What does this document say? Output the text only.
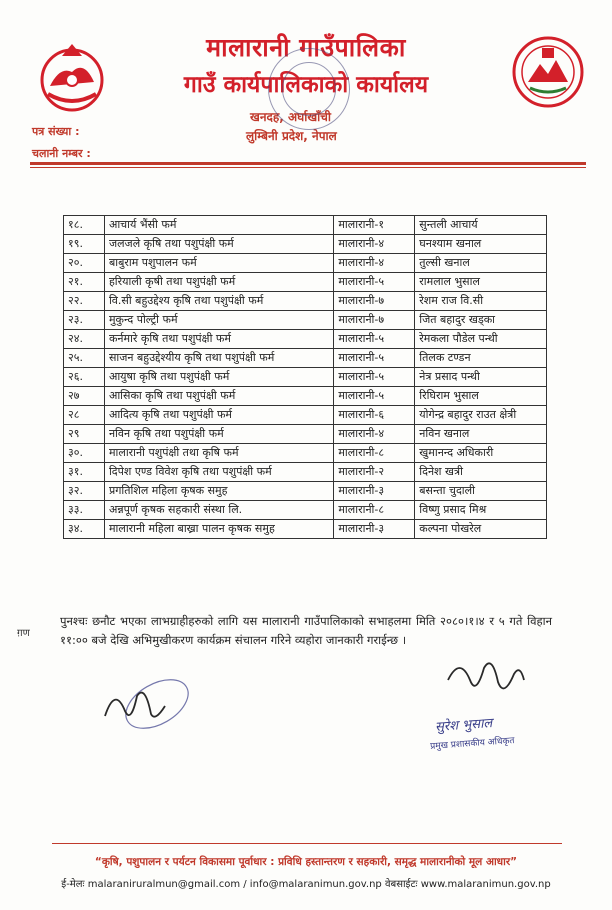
मालारानी गाउँपालिका
गाउँ कार्यपालिकाको कार्यालय
खनदह, अर्घाखाँची
लुम्बिनी प्रदेश, नेपाल
पत्र संख्या :
चलानी नम्बर :
१८.	आचार्य भैंसी फर्म	मालारानी-१	सुन्तली आचार्य
१९.	जलजले कृषि तथा पशुपंक्षी फर्म	मालारानी-४	घनश्याम खनाल
२०.	बाबुराम पशुपालन फर्म	मालारानी-४	तुल्सी खनाल
२१.	हरियाली कृषी तथा पशुपंक्षी फर्म	मालारानी-५	रामलाल भुसाल
२२.	वि.सी बहुउद्देश्य कृषि तथा पशुपंक्षी फर्म	मालारानी-७	रेशम राज वि.सी
२३.	मुकुन्द पोल्ट्री फर्म	मालारानी-७	जित बहादुर खड्का
२४.	कर्नमारे कृषि तथा पशुपंक्षी फर्म	मालारानी-५	रेमकला पौडेल पन्थी
२५.	साजन बहुउद्देश्यीय कृषि तथा पशुपंक्षी फर्म	मालारानी-५	तिलक टण्डन
२६.	आयुषा कृषि तथा पशुपंक्षी फर्म	मालारानी-५	नेत्र प्रसाद पन्थी
२७	आसिका कृषि तथा पशुपंक्षी फर्म	मालारानी-५	रिघिराम भुसाल
२८	आदित्य कृषि तथा पशुपंक्षी फर्म	मालारानी-६	योगेन्द्र बहादुर राउत क्षेत्री
२९	नविन कृषि तथा पशुपंक्षी फर्म	मालारानी-४	नविन खनाल
३०.	मालारानी पशुपंक्षी तथा कृषि फर्म	मालारानी-८	खुमानन्द अधिकारी
३१.	दिपेश एण्ड विवेश कृषि तथा पशुपंक्षी फर्म	मालारानी-२	दिनेश खत्री
३२.	प्रगतिशिल महिला कृषक समुह	मालारानी-३	बसन्ता चुदाली
३३.	अन्नपूर्ण कृषक सहकारी संस्था लि.	मालारानी-८	विष्णु प्रसाद मिश्र
३४.	मालारानी महिला बाख्रा पालन कृषक समुह	मालारानी-३	कल्पना पोखरेल
ग़ण
पुनश्चः छनौट भएका लाभग्राहीहरुको लागि यस मालारानी गाउँपालिकाको सभाहलमा मिति २०८०।१।४ र ५ गते विहान ११:०० बजे देखि अभिमुखीकरण कार्यक्रम संचालन गरिने व्यहोरा जानकारी गराईन्छ ।
सुरेश भुसाल
प्रमुख प्रशासकीय अधिकृत
“कृषि, पशुपालन र पर्यटन विकासमा पूर्वाधार : प्रविधि हस्तान्तरण र सहकारी, समृद्ध मालारानीको मूल आधार”
ई-मेलः malaraniruralmun@gmail.com / info@malaranimun.gov.np वेबसाईटः www.malaranimun.gov.np
